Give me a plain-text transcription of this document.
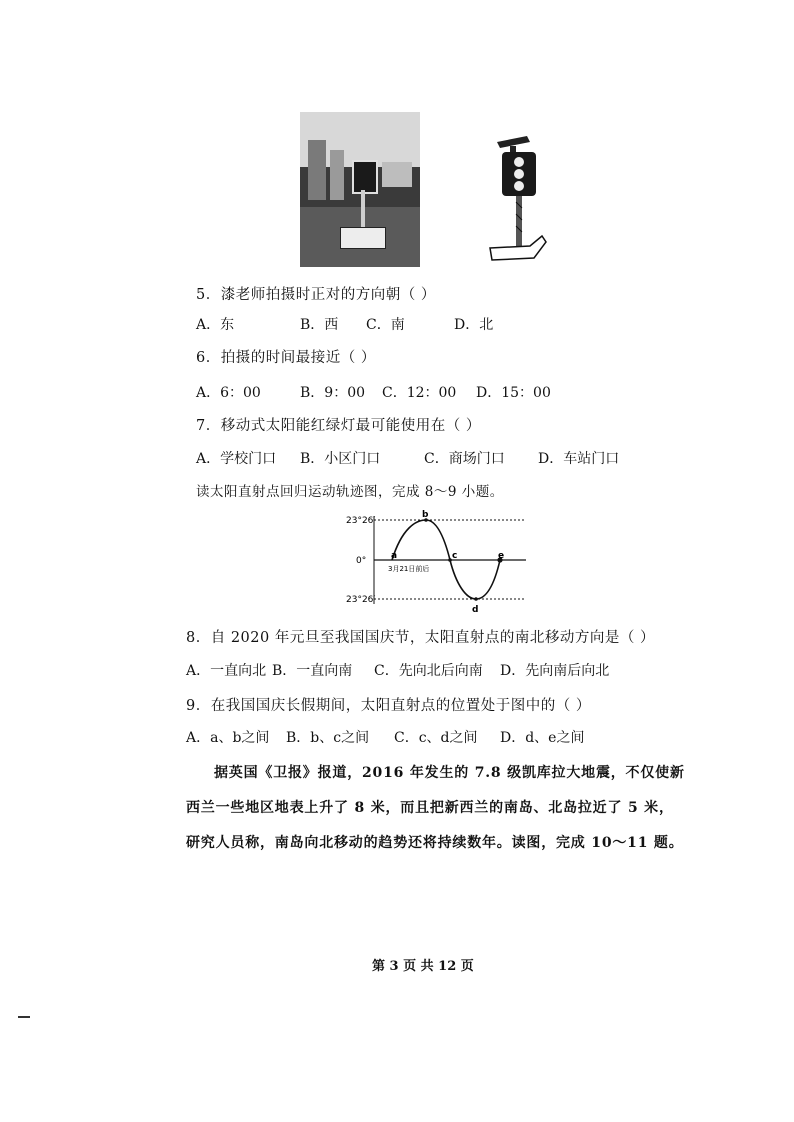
5．漆老师拍摄时正对的方向朝（ ）
A．东	B．西 C．南	D．北
6．拍摄的时间最接近（ ）
A．6：00	B．9：00 C．12：00 D．15：00
7．移动式太阳能红绿灯最可能使用在（ ）
A．学校门口 B．小区门口	C．商场门口 D．车站门口
读太阳直射点回归运动轨迹图，完成 8～9 小题。
23°26′
0°
23°26′
a
b
c
d
e
3月21日前后
8．自 2020 年元旦至我国国庆节，太阳直射点的南北移动方向是（ ）
A．一直向北 B．一直向南 C．先向北后向南 D．先向南后向北
9．在我国国庆长假期间，太阳直射点的位置处于图中的（ ）
A．a、b之间 B．b、c之间 C．c、d之间 D．d、e之间
据英国《卫报》报道，2016 年发生的 7.8 级凯库拉大地震，不仅使新
西兰一些地区地表上升了 8 米，而且把新西兰的南岛、北岛拉近了 5 米，
研究人员称，南岛向北移动的趋势还将持续数年。读图，完成 10～11 题。
第 3 页 共 12 页
